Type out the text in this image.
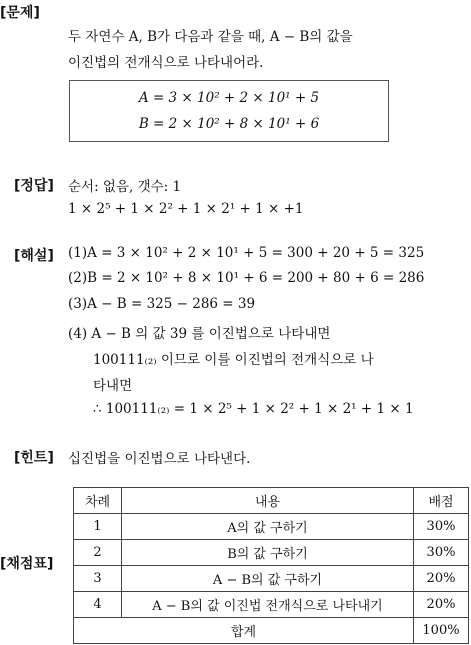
[문제]
두 자연수 A, B가 다음과 같을 때, A − B의 값을
이진법의 전개식으로 나타내어라.
A = 3 × 10² + 2 × 10¹ + 5
B = 2 × 10² + 8 × 10¹ + 6
[정답] 순서: 없음, 갯수: 1
1 × 2⁵ + 1 × 2² + 1 × 2¹ + 1 × +1
[해설] (1)A = 3 × 10² + 2 × 10¹ + 5 = 300 + 20 + 5 = 325
(2)B = 2 × 10² + 8 × 10¹ + 6 = 200 + 80 + 6 = 286
(3)A − B = 325 − 286 = 39
(4) A − B 의 값 39 를 이진법으로 나타내면
100111₍₂₎ 이므로 이를 이진법의 전개식으로 나
타내면
∴ 100111₍₂₎ = 1 × 2⁵ + 1 × 2² + 1 × 2¹ + 1 × 1
[힌트] 십진법을 이진법으로 나타낸다.
[채점표]
차례	내용	배점
1	A의 값 구하기	30%
2	B의 값 구하기	30%
3	A − B의 값 구하기	20%
4	A − B의 값 이진법 전개식으로 나타내기	20%
합계		100%
